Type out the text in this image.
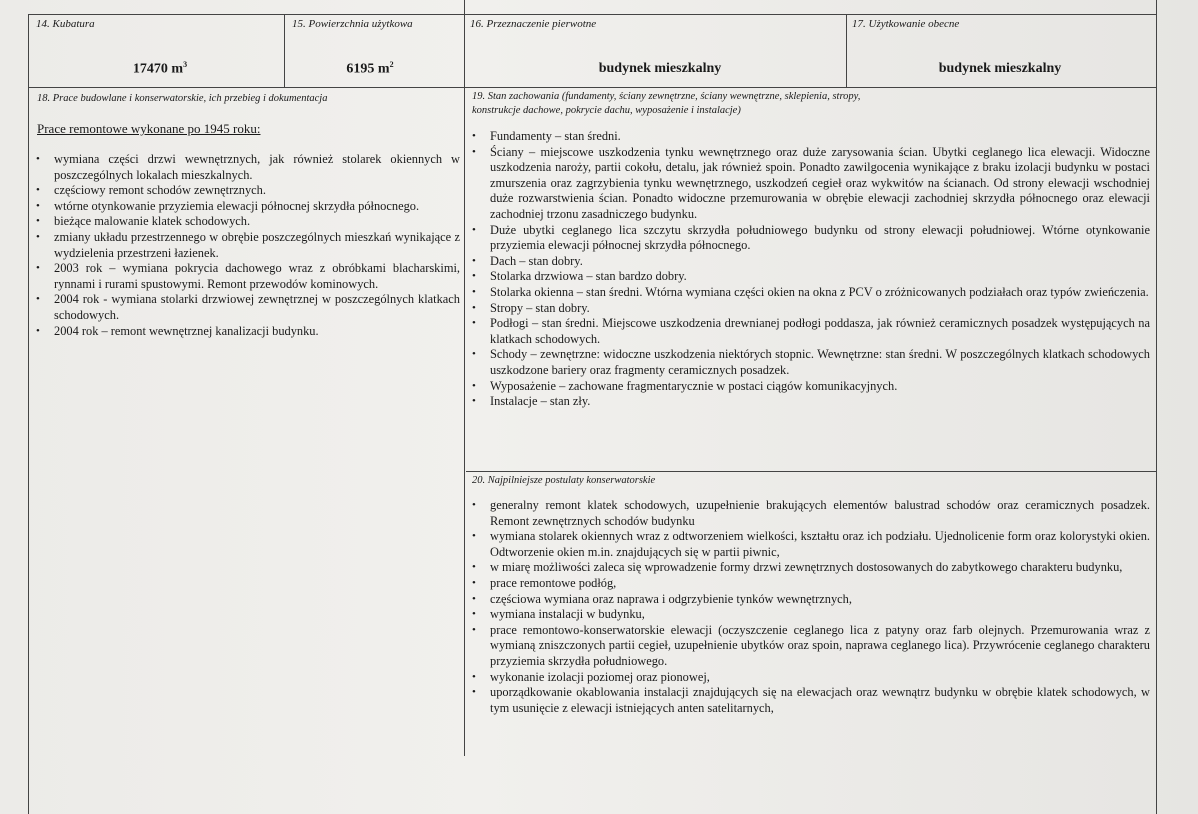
14. Kubatura
17470 $m^3$
15. Powierzchnia użytkowa
6195 $m^2$
16. Przeznaczenie pierwotne
budynek mieszkalny
17. Użytkowanie obecne
budynek mieszkalny
18. Prace budowlane i konserwatorskie, ich przebieg i dokumentacja
Prace remontowe wykonane po 1945 roku:
• wymiana części drzwi wewnętrznych, jak również stolarek okiennych w poszczególnych lokalach mieszkalnych.
• częściowy remont schodów zewnętrznych.
• wtórne otynkowanie przyziemia elewacji północnej skrzydła północnego.
• bieżące malowanie klatek schodowych.
• zmiany układu przestrzennego w obrębie poszczególnych mieszkań wynikające z wydzielenia przestrzeni łazienek.
• 2003 rok – wymiana pokrycia dachowego wraz z obróbkami blacharskimi, rynnami i rurami spustowymi. Remont przewodów kominowych.
• 2004 rok - wymiana stolarki drzwiowej zewnętrznej w poszczególnych klatkach schodowych.
• 2004 rok – remont wewnętrznej kanalizacji budynku.
19. Stan zachowania (fundamenty, ściany zewnętrzne, ściany wewnętrzne, sklepienia, stropy,
konstrukcje dachowe, pokrycie dachu, wyposażenie i instalacje)
• Fundamenty – stan średni.
• Ściany – miejscowe uszkodzenia tynku wewnętrznego oraz duże zarysowania ścian. Ubytki ceglanego lica elewacji. Widoczne uszkodzenia naroży, partii cokołu, detalu, jak również spoin. Ponadto zawilgocenia wynikające z braku izolacji budynku w postaci zmurszenia oraz zagrzybienia tynku wewnętrznego, uszkodzeń cegieł oraz wykwitów na ścianach. Od strony elewacji wschodniej duże rozwarstwienia ścian. Ponadto widoczne przemurowania w obrębie elewacji zachodniej skrzydła północnego oraz elewacji zachodniej trzonu zasadniczego budynku.
• Duże ubytki ceglanego lica szczytu skrzydła południowego budynku od strony elewacji południowej. Wtórne otynkowanie przyziemia elewacji północnej skrzydła północnego.
• Dach – stan dobry.
• Stolarka drzwiowa – stan bardzo dobry.
• Stolarka okienna – stan średni. Wtórna wymiana części okien na okna z PCV o zróżnicowanych podziałach oraz typów zwieńczenia.
• Stropy – stan dobry.
• Podłogi – stan średni. Miejscowe uszkodzenia drewnianej podłogi poddasza, jak również ceramicznych posadzek występujących na klatkach schodowych.
• Schody – zewnętrzne: widoczne uszkodzenia niektórych stopnic. Wewnętrzne: stan średni. W poszczególnych klatkach schodowych uszkodzone bariery oraz fragmenty ceramicznych posadzek.
• Wyposażenie – zachowane fragmentarycznie w postaci ciągów komunikacyjnych.
• Instalacje – stan zły.
20. Najpilniejsze postulaty konserwatorskie
• generalny remont klatek schodowych, uzupełnienie brakujących elementów balustrad schodów oraz ceramicznych posadzek. Remont zewnętrznych schodów budynku
• wymiana stolarek okiennych wraz z odtworzeniem wielkości, kształtu oraz ich podziału. Ujednolicenie form oraz kolorystyki okien. Odtworzenie okien m.in. znajdujących się w partii piwnic,
• w miarę możliwości zaleca się wprowadzenie formy drzwi zewnętrznych dostosowanych do zabytkowego charakteru budynku,
• prace remontowe podłóg,
• częściowa wymiana oraz naprawa i odgrzybienie tynków wewnętrznych,
• wymiana instalacji w budynku,
• prace remontowo-konserwatorskie elewacji (oczyszczenie ceglanego lica z patyny oraz farb olejnych. Przemurowania wraz z wymianą zniszczonych partii cegieł, uzupełnienie ubytków oraz spoin, naprawa ceglanego lica). Przywrócenie ceglanego charakteru przyziemia skrzydła południowego.
• wykonanie izolacji poziomej oraz pionowej,
• uporządkowanie okablowania instalacji znajdujących się na elewacjach oraz wewnątrz budynku w obrębie klatek schodowych, w tym usunięcie z elewacji istniejących anten satelitarnych,
